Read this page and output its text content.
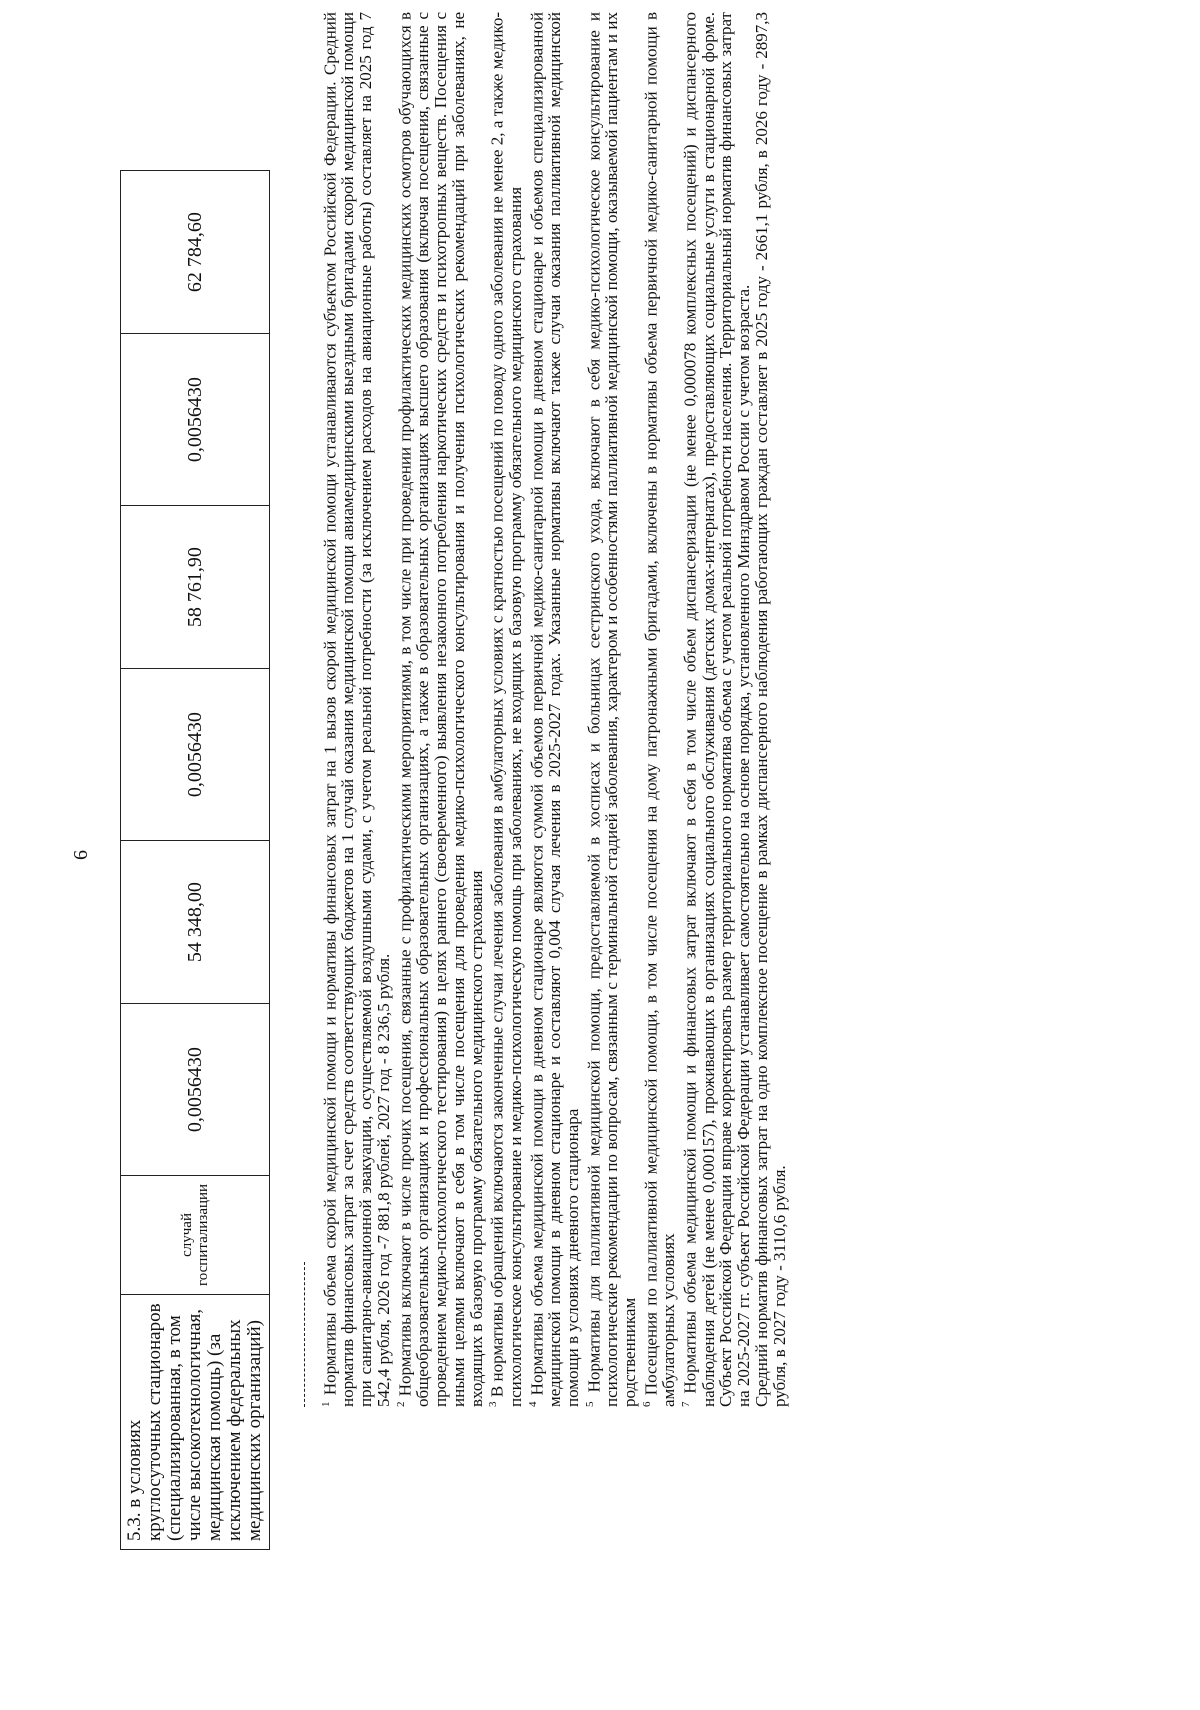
6
5.3. в условиях круглосуточных стационаров (специализированная, в том числе высокотехнологичная, медицинская помощь) (за исключением федеральных медицинских организаций)	случай госпитализации	0,0056430	54 348,00	0,0056430	58 761,90	0,0056430	62 784,60

$^1$ Нормативы объема скорой медицинской помощи и нормативы финансовых затрат на 1 вызов скорой медицинской помощи устанавливаются субъектом Российской Федерации. Средний норматив финансовых затрат за счет средств соответствующих бюджетов на 1 случай оказания медицинской помощи авиамедицинскими выездными бригадами скорой медицинской помощи при санитарно-авиационной эвакуации, осуществляемой воздушными судами, с учетом реальной потребности (за исключением расходов на авиационные работы) составляет на 2025 год 7 542,4 рубля, 2026 год -7 881,8 рублей, 2027 год - 8 236,5 рубля. $^2$ Нормативы включают в числе прочих посещения, связанные с профилактическими мероприятиями, в том числе при проведении профилактических медицинских осмотров обучающихся в общеобразовательных организациях и профессиональных образовательных организациях, а также в образовательных организациях высшего образования (включая посещения, связанные с проведением медико-психологического тестирования) в целях раннего (своевременного) выявления незаконного потребления наркотических средств и психотропных веществ. Посещения с иными целями включают в себя в том числе посещения для проведения медико-психологического консультирования и получения психологических рекомендаций при заболеваниях, не входящих в базовую программу обязательного медицинского страхования $^3$ В нормативы обращений включаются законченные случаи лечения заболевания в амбулаторных условиях с кратностью посещений по поводу одного заболевания не менее 2, а также медико-психологическое консультирование и медико-психологическую помощь при заболеваниях, не входящих в базовую программу обязательного медицинского страхования $^4$ Нормативы объема медицинской помощи в дневном стационаре являются суммой объемов первичной медико-санитарной помощи в дневном стационаре и объемов специализированной медицинской помощи в дневном стационаре и составляют 0,004 случая лечения в 2025-2027 годах. Указанные нормативы включают также случаи оказания паллиативной медицинской помощи в условиях дневного стационара $^5$ Нормативы для паллиативной медицинской помощи, предоставляемой в хосписах и больницах сестринского ухода, включают в себя медико-психологическое консультирование и психологические рекомендации по вопросам, связанным с терминальной стадией заболевания, характером и особенностями паллиативной медицинской помощи, оказываемой пациентам и их родственникам $^6$ Посещения по паллиативной медицинской помощи, в том числе посещения на дому патронажными бригадами, включены в нормативы объема первичной медико-санитарной помощи в амбулаторных условиях $^7$ Нормативы объема медицинской помощи и финансовых затрат включают в себя в том числе объем диспансеризации (не менее 0,000078 комплексных посещений) и диспансерного наблюдения детей (не менее 0,000157), проживающих в организациях социального обслуживания (детских домах-интернатах), предоставляющих социальные услуги в стационарной форме. Субъект Российской Федерации вправе корректировать размер территориального норматива объема с учетом реальной потребности населения. Территориальный норматив финансовых затрат на 2025-2027 гг. субъект Российской Федерации устанавливает самостоятельно на основе порядка, установленного Минздравом России с учетом возраста.

Средний норматив финансовых затрат на одно комплексное посещение в рамках диспансерного наблюдения работающих граждан составляет в 2025 году - 2661,1 рубля, в 2026 году - 2897,3 рубля, в 2027 году - 3110,6 рубля.
